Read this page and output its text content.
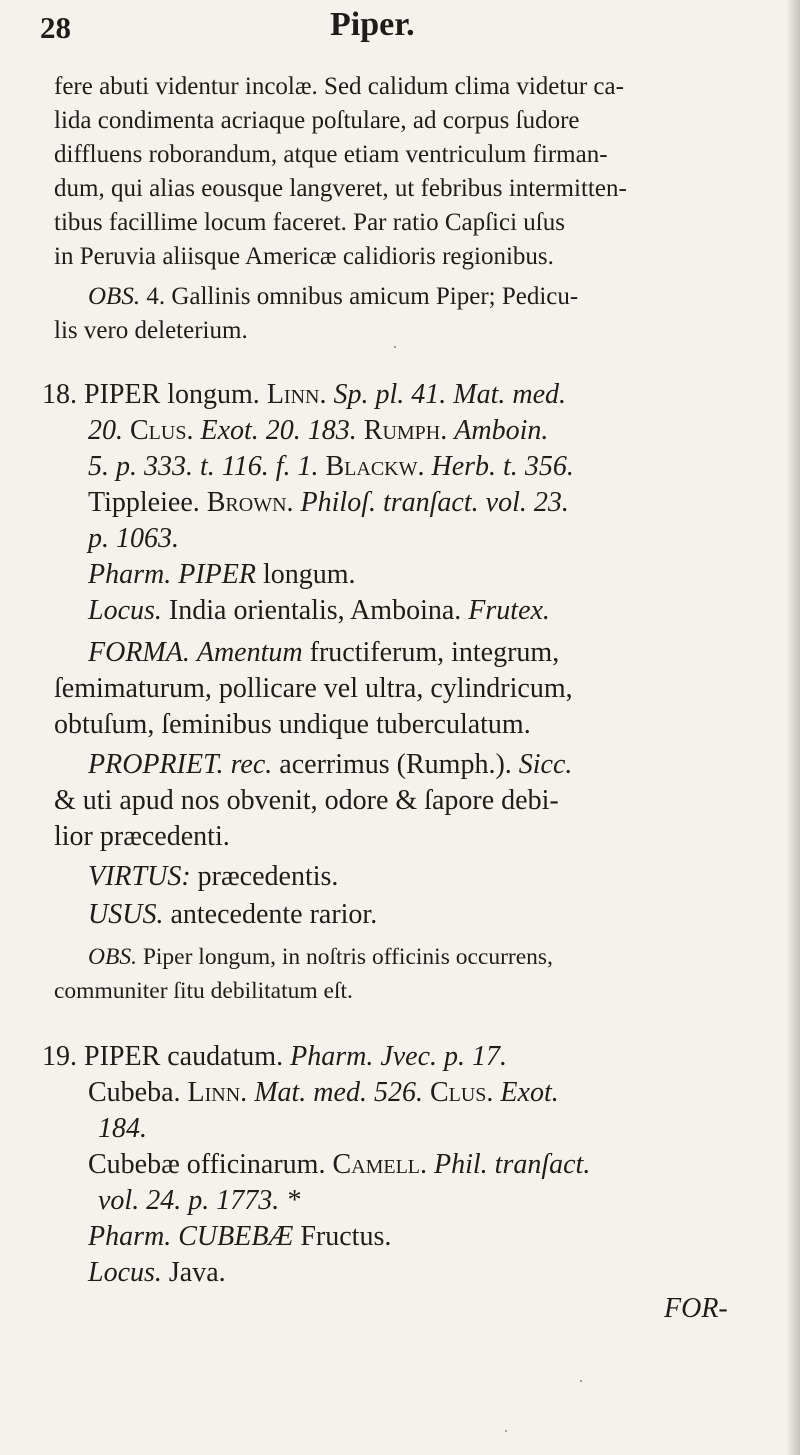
28	Piper.
fere abuti videntur incolæ. Sed calidum clima videtur ca-
lida condimenta acriaque poſtulare, ad corpus ſudore
diffluens roborandum, atque etiam ventriculum firman-
dum, qui alias eousque langveret, ut febribus intermitten-
tibus facillime locum faceret. Par ratio Capſici uſus
in Peruvia aliisque Americæ calidioris regionibus.
OBS. 4. Gallinis omnibus amicum Piper; Pedicu-
lis vero deleterium.
18. PIPER longum. Linn. Sp. pl. 41. Mat. med.
20. Clus. Exot. 20. 183. Rumph. Amboin.
5. p. 333. t. 116. f. 1. Blackw. Herb. t. 356.
Tippleiee. Brown. Philoſ. tranſact. vol. 23.
p. 1063.
Pharm. PIPER longum.
Locus. India orientalis, Amboina. Frutex.
FORMA. Amentum fructiferum, integrum,
ſemimaturum, pollicare vel ultra, cylindricum,
obtuſum, ſeminibus undique tuberculatum.
PROPRIET. rec. acerrimus (Rumph.). Sicc.
& uti apud nos obvenit, odore & ſapore debi-
lior præcedenti.
VIRTUS: præcedentis.
USUS. antecedente rarior.
OBS. Piper longum, in noſtris officinis occurrens,
communiter ſitu debilitatum eſt.
19. PIPER caudatum. Pharm. Jvec. p. 17.
Cubeba. Linn. Mat. med. 526. Clus. Exot.
184.
Cubebæ officinarum. Camell. Phil. tranſact.
vol. 24. p. 1773. *
Pharm. CUBEBÆ Fructus.
Locus. Java.
FOR-
